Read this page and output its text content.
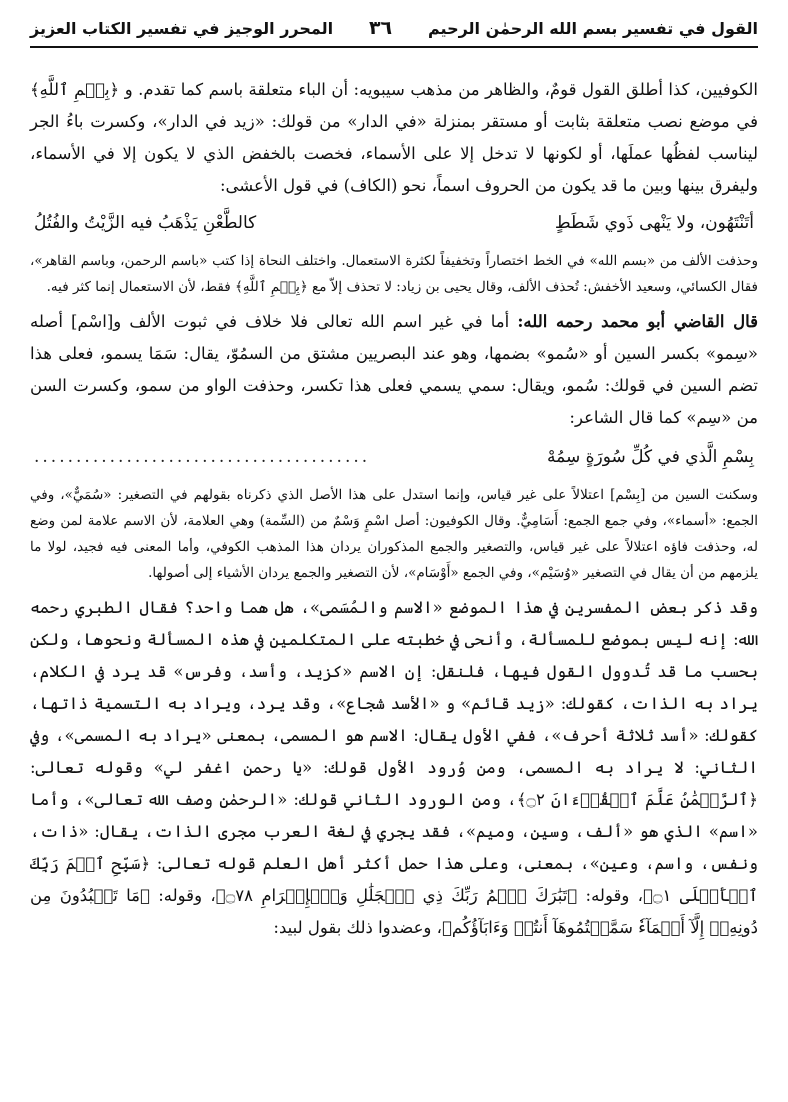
القول في تفسير بسم الله الرحمٰن الرحيم
٣٦
المحرر الوجيز في تفسير الكتاب العزيز

الكوفيين، كذا أطلق القول قومٌ، والظاهر من مذهب سيبويه: أن الباء متعلقة باسم كما تقدم. و ﴿بِسۡمِ ٱللَّهِ﴾ في موضع نصب متعلقة بثابت أو مستقر بمنزلة «في الدار» من قولك: «زيد في الدار»، وكسرت باءُ الجر ليناسب لفظُها عملَها، أو لكونها لا تدخل إلا على الأسماء، فخصت بالخفض الذي لا يكون إلا في الأسماء، وليفرق بينها وبين ما قد يكون من الحروف اسماً، نحو (الكاف) في قول الأعشى:

أتَنْتَهُون، ولا يَنْهى ذَوي شَطَطٍ
كالطَّعْنِ يَذْهَبُ فيه الزَّيْتُ والفُتُلُ

وحذفت الألف من «بسم الله» في الخط اختصاراً وتخفيفاً لكثرة الاستعمال. واختلف النحاة إذا كتب «باسم الرحمن، وباسم القاهر»، فقال الكسائي، وسعيد الأخفش: تُحذف الألف، وقال يحيى بن زياد: لا تحذف إلاّ مع ﴿بِسۡمِ ٱللَّهِ﴾ فقط، لأن الاستعمال إنما كثر فيه.

قال القاضي أبو محمد رحمه الله: أما في غير اسم الله تعالى فلا خلاف في ثبوت الألف و[اسْم] أصله «سِمو» بكسر السين أو «سُمو» بضمها، وهو عند البصريين مشتق من السمُوّ، يقال: سَمَا يسمو، فعلى هذا تضم السين في قولك: سُمو، ويقال: سمي يسمي فعلى هذا تكسر، وحذفت الواو من سمو، وكسرت السن من «سِم» كما قال الشاعر:

بِسْمِ الَّذي في كُلِّ سُورَةٍ سِمُهْ
........................................

وسكنت السين من [بِسْم] اعتلالاً على غير قياس، وإنما استدل على هذا الأصل الذي ذكرناه بقولهم في التصغير: «سُمَيٌّ»، وفي الجمع: «أسماء»، وفي جمع الجمع: أَسَامِيٌّ. وقال الكوفيون: أصل اسْمٍ وَسْمٌ من (السِّمة) وهي العلامة، لأن الاسم علامة لمن وضع له، وحذفت فاؤه اعتلالاً على غير قياس، والتصغير والجمع المذكوران يردان هذا المذهب الكوفي، وأما المعنى فيه فجيد، لولا ما يلزمهم من أن يقال في التصغير «وُسَيْم»، وفي الجمع «أَوْسَام»، لأن التصغير والجمع يردان الأشياء إلى أصولها.

وقد ذكر بعض المفسرين في هذا الموضع «الاسم والمُسَمى»، هل هما واحد؟ فقال الطبري رحمه الله: إنه ليس بموضع للمسألة، وأنحى في خطبته على المتكلمين في هذه المسألة ونحوها، ولكن بحسب ما قد تُدوول القول فيها، فلنقل: إن الاسم «كزيد، وأسد، وفرس» قد يرد في الكلام، يراد به الذات، كقولك: «زيد قائم» و «الأسد شجاع»، وقد يرد، ويراد به التسمية ذاتها، كقولك: «أسد ثلاثة أحرف»، ففي الأول يقال: الاسم هو المسمى، بمعنى «يراد به المسمى»، وفي الثاني: لا يراد به المسمى، ومن وُرود الأول قولك: «يا رحمن اغفر لي» وقوله تعالى: ﴿ٱلرَّحۡمَٰنُ عَلَّمَ ٱلۡقُرۡءَانَ ۝٢﴾، ومن الورود الثاني قولك: «الرحمٰن وصف الله تعالى»، وأما «اسم» الذي هو «ألف، وسين، وميم»، فقد يجري في لغة العرب مجرى الذات، يقال: «ذات، ونفس، واسم، وعين»، بمعنى، وعلى هذا حمل أكثر أهل العلم قوله تعالى: ﴿سَبِّحِ ٱسۡمَ رَبِّكَ ٱلۡأَعۡلَى ۝١﴾، وقوله: ﴿تَبَٰرَكَ ٱسۡمُ رَبِّكَ ذِي ٱلۡجَلَٰلِ وَٱلۡإِكۡرَامِ ۝٧٨﴾، وقوله: ﴿مَا تَعۡبُدُونَ مِن دُونِهِۦٓ إِلَّآ أَسۡمَآءٗ سَمَّيۡتُمُوهَآ أَنتُمۡ وَءَابَآؤُكُم﴾، وعضدوا ذلك بقول لبيد:
